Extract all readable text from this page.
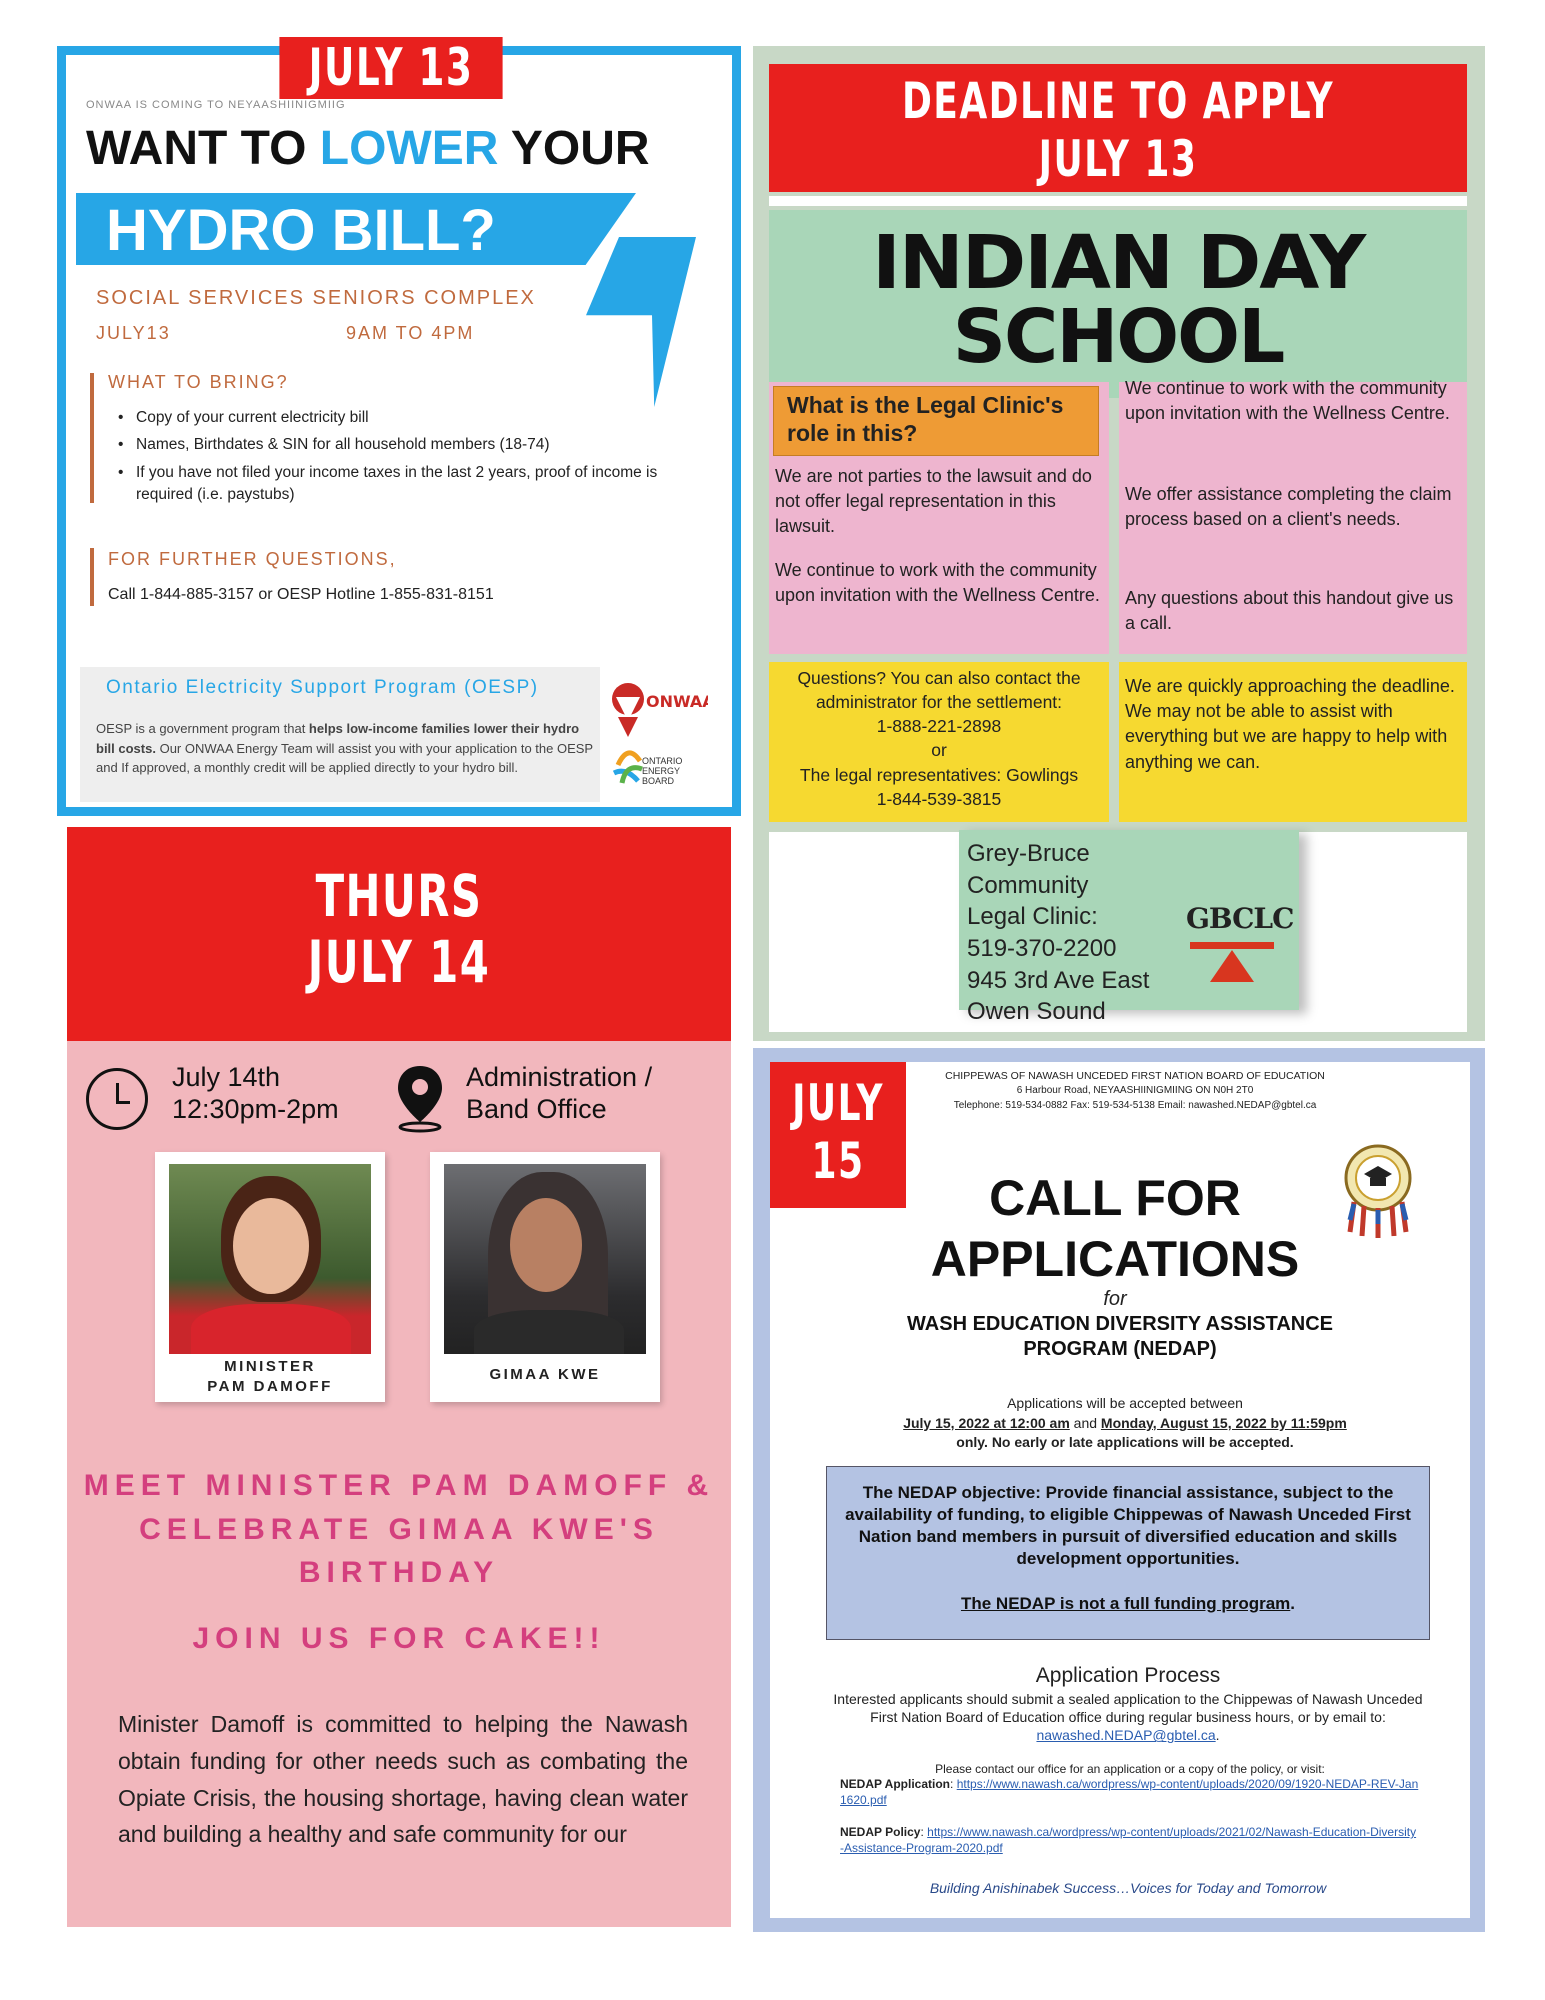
JULY 13
ONWAA IS COMING TO NEYAASHIINIGMIIG
WANT TO LOWER YOUR
HYDRO BILL?
SOCIAL SERVICES SENIORS COMPLEX
JULY13	9AM TO 4PM
WHAT TO BRING?
• Copy of your current electricity bill
• Names, Birthdates & SIN for all household members (18-74)
• If you have not filed your income taxes in the last 2 years, proof of income is required (i.e. paystubs)
FOR FURTHER QUESTIONS,
Call 1-844-885-3157 or OESP Hotline 1-855-831-8151
Ontario Electricity Support Program (OESP)
OESP is a government program that helps low-income families lower their hydro bill costs. Our ONWAA Energy Team will assist you with your application to the OESP and If approved, a monthly credit will be applied directly to your hydro bill.
ONWAA
ONTARIO ENERGY BOARD
DEADLINE TO APPLY
JULY 13
INDIAN DAY
SCHOOL
What is the Legal Clinic's role in this?
We are not parties to the lawsuit and do not offer legal representation in this lawsuit.
We continue to work with the community upon invitation with the Wellness Centre.
We continue to work with the community upon invitation with the Wellness Centre.
We offer assistance completing the claim process based on a client's needs.
Any questions about this handout give us a call.
Questions? You can also contact the administrator for the settlement:
1-888-221-2898
or
The legal representatives: Gowlings
1-844-539-3815
We are quickly approaching the deadline. We may not be able to assist with everything but we are happy to help with anything we can.
Grey-Bruce Community
Legal Clinic:
519-370-2200
945 3rd Ave East
Owen Sound
GBCLC
THURS
JULY 14
July 14th
12:30pm-2pm
Administration /
Band Office
MINISTER
PAM DAMOFF
GIMAA KWE
MEET MINISTER PAM DAMOFF &
CELEBRATE GIMAA KWE'S
BIRTHDAY
JOIN US FOR CAKE!!
Minister Damoff is committed to helping the Nawash obtain funding for other needs such as combating the Opiate Crisis, the housing shortage, having clean water and building a healthy and safe community for our
JULY
15
CHIPPEWAS OF NAWASH UNCEDED FIRST NATION BOARD OF EDUCATION
6 Harbour Road, NEYAASHIINIGMIING ON N0H 2T0
Telephone: 519-534-0882 Fax: 519-534-5138 Email: nawashed.NEDAP@gbtel.ca
CALL FOR
APPLICATIONS
for
WASH EDUCATION DIVERSITY ASSISTANCE
PROGRAM (NEDAP)
Applications will be accepted between
July 15, 2022 at 12:00 am and Monday, August 15, 2022 by 11:59pm
only. No early or late applications will be accepted.
The NEDAP objective: Provide financial assistance, subject to the availability of funding, to eligible Chippewas of Nawash Unceded First Nation band members in pursuit of diversified education and skills development opportunities.
The NEDAP is not a full funding program.
Application Process
Interested applicants should submit a sealed application to the Chippewas of Nawash Unceded First Nation Board of Education office during regular business hours, or by email to: nawashed.NEDAP@gbtel.ca.
Please contact our office for an application or a copy of the policy, or visit:
NEDAP Application: https://www.nawash.ca/wordpress/wp-content/uploads/2020/09/1920-NEDAP-REV-Jan1620.pdf
NEDAP Policy: https://www.nawash.ca/wordpress/wp-content/uploads/2021/02/Nawash-Education-Diversity-Assistance-Program-2020.pdf
Building Anishinabek Success…Voices for Today and Tomorrow
